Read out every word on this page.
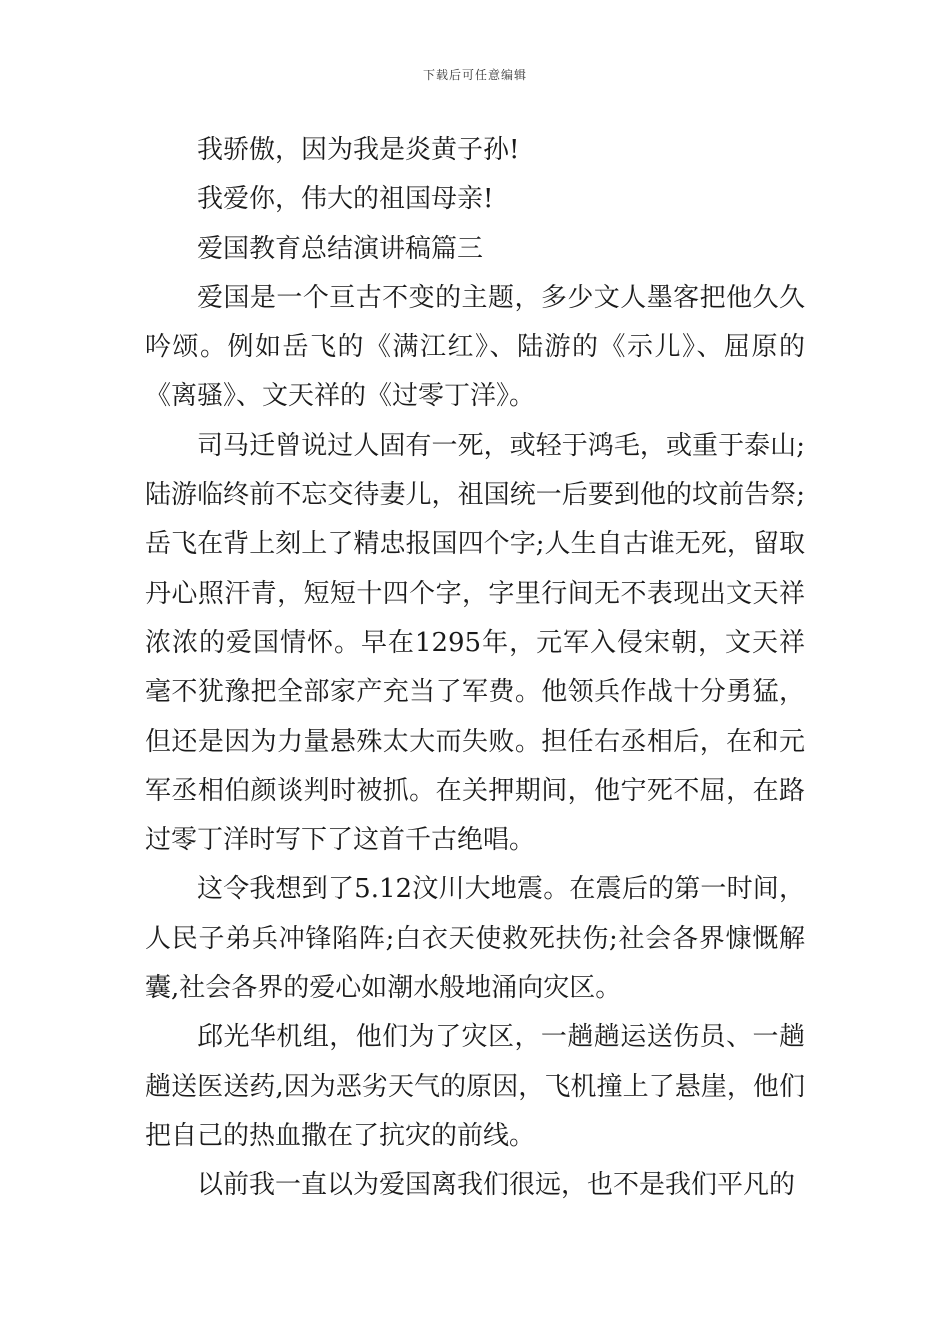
下载后可任意编辑

我骄傲，因为我是炎黄子孙!

我爱你，伟大的祖国母亲!

爱国教育总结演讲稿篇三

爱国是一个亘古不变的主题，多少文人墨客把他久久吟颂。例如岳飞的《满江红》、陆游的《示儿》、屈原的《离骚》、文天祥的《过零丁洋》。

司马迁曾说过人固有一死，或轻于鸿毛，或重于泰山;陆游临终前不忘交待妻儿，祖国统一后要到他的坟前告祭;岳飞在背上刻上了精忠报国四个字;人生自古谁无死，留取丹心照汗青，短短十四个字，字里行间无不表现出文天祥浓浓的爱国情怀。早在1295年，元军入侵宋朝，文天祥毫不犹豫把全部家产充当了军费。他领兵作战十分勇猛，但还是因为力量悬殊太大而失败。担任右丞相后，在和元军丞相伯颜谈判时被抓。在关押期间，他宁死不屈，在路过零丁洋时写下了这首千古绝唱。

这令我想到了5.12汶川大地震。在震后的第一时间，人民子弟兵冲锋陷阵;白衣天使救死扶伤;社会各界慷慨解囊,社会各界的爱心如潮水般地涌向灾区。

邱光华机组，他们为了灾区，一趟趟运送伤员、一趟趟送医送药,因为恶劣天气的原因，飞机撞上了悬崖，他们把自己的热血撒在了抗灾的前线。

以前我一直以为爱国离我们很远，也不是我们平凡的
